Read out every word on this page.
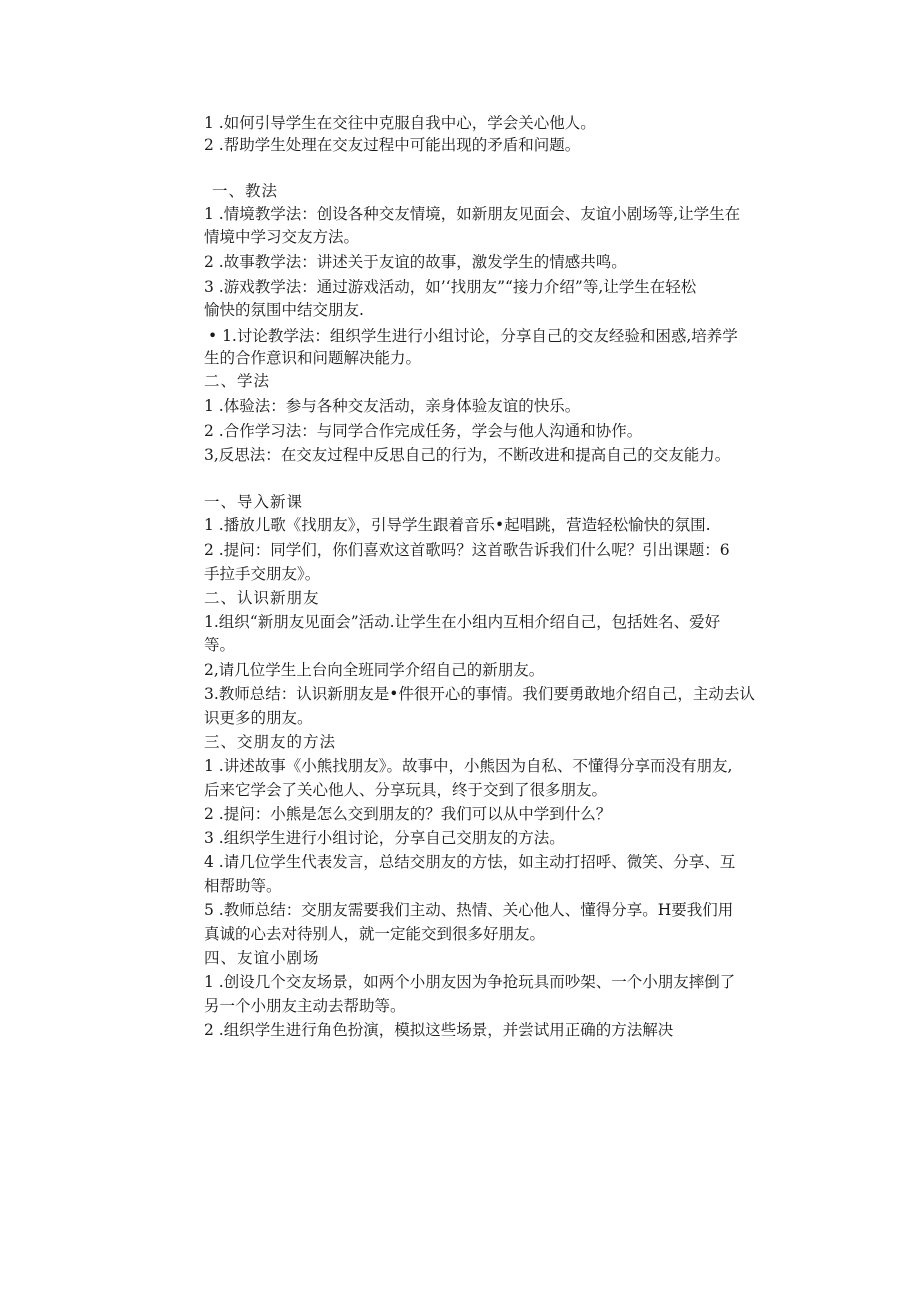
1 .如何引导学生在交往中克服自我中心，学会关心他人。
2 .帮助学生处理在交友过程中可能出现的矛盾和问题。
一、教法
1 .情境教学法：创设各种交友情境，如新朋友见面会、友谊小剧场等,让学生在
情境中学习交友方法。
2 .故事教学法：讲述关于友谊的故事，激发学生的情感共鸣。
3 .游戏教学法：通过游戏活动，如’‘找朋友”“接力介绍”等,让学生在轻松
愉快的氛围中结交朋友.
• 1.讨论教学法：组织学生进行小组讨论，分享自己的交友经验和困惑,培养学
生的合作意识和问题解决能力。
二、学法
1 .体验法：参与各种交友活动，亲身体验友谊的快乐。
2 .合作学习法：与同学合作完成任务，学会与他人沟通和协作。
3,反思法：在交友过程中反思自己的行为，不断改进和提高自己的交友能力。
一、导入新课
1 .播放儿歌《找朋友》，引导学生跟着音乐•起唱跳，营造轻松愉快的氛围.
2 .提问：同学们，你们喜欢这首歌吗？这首歌告诉我们什么呢？引出课题：6
手拉手交朋友》。
二、认识新朋友
1.组织“新朋友见面会”活动.让学生在小组内互相介绍自己，包括姓名、爱好
等。
2,请几位学生上台向全班同学介绍自己的新朋友。
3.教师总结：认识新朋友是•件很开心的事情。我们要勇敢地介绍自己，主动去认
识更多的朋友。
三、交朋友的方法
1 .讲述故事《小熊找朋友》。故事中，小熊因为自私、不懂得分享而没有朋友,
后来它学会了关心他人、分享玩具，终于交到了很多朋友。
2 .提问：小熊是怎么交到朋友的？我们可以从中学到什么？
3 .组织学生进行小组讨论，分享自己交朋友的方法。
4 .请几位学生代表发言，总结交朋友的方怯，如主动打招呼、微笑、分享、互
相帮助等。
5 .教师总结：交朋友需要我们主动、热情、关心他人、懂得分享。H要我们用
真诚的心去对待别人，就一定能交到很多好朋友。
四、友谊小剧场
1 .创设几个交友场景，如两个小朋友因为争抢玩具而吵架、一个小朋友摔倒了
另一个小朋友主动去帮助等。
2 .组织学生进行角色扮演，模拟这些场景，并尝试用正确的方法解决
